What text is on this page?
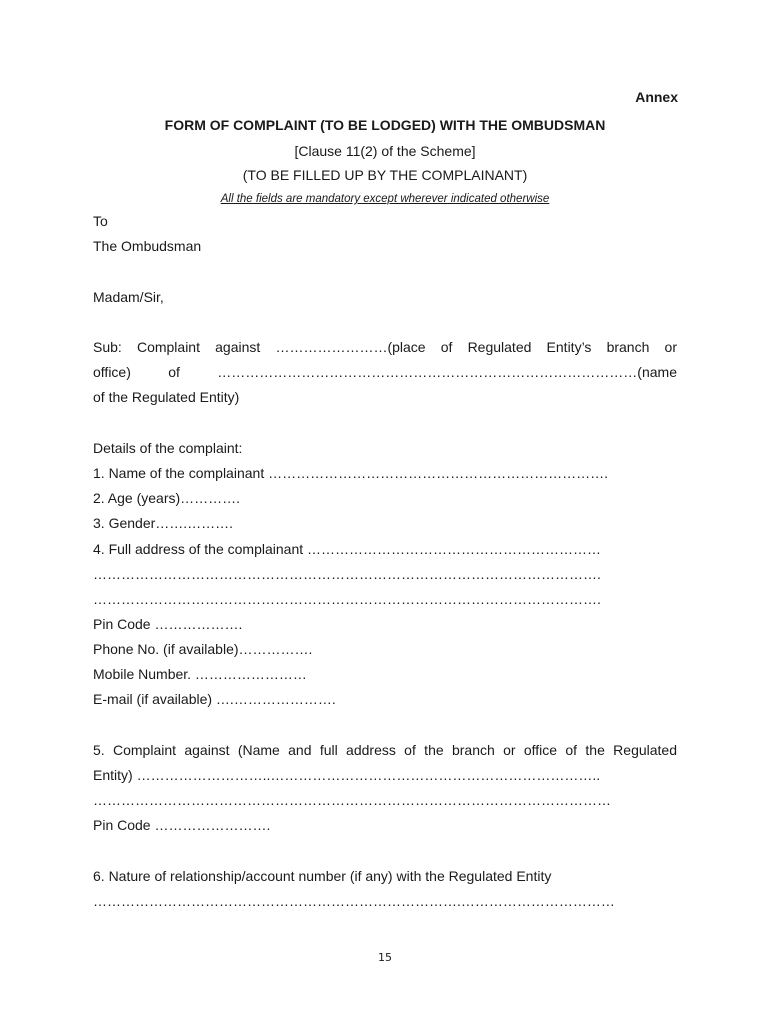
Annex
FORM OF COMPLAINT (TO BE LODGED) WITH THE OMBUDSMAN
[Clause 11(2) of the Scheme]
(TO BE FILLED UP BY THE COMPLAINANT)
All the fields are mandatory except wherever indicated otherwise
To
The Ombudsman
Madam/Sir,
Sub: Complaint against ……………………(place of Regulated Entity’s branch or
office) of ………………………………………………………………………………(name
of the Regulated Entity)
Details of the complaint:
1. Name of the complainant ……………………………………………………………….
2. Age (years)………….
3. Gender…….……….
4. Full address of the complainant ………………………………………………………
……………………………………………………………………………………………….
……………………………………………………………………………………………….
Pin Code ……………….
Phone No. (if available)…………….
Mobile Number. ……………………
E-mail (if available) ….………………….
5. Complaint against (Name and full address of the branch or office of the Regulated
Entity) ………………………..……………………………………………………………..
…………………………………………………………………………………………………
Pin Code …………………….
6. Nature of relationship/account number (if any) with the Regulated Entity
…………………………………………………………………….……………………………
15
